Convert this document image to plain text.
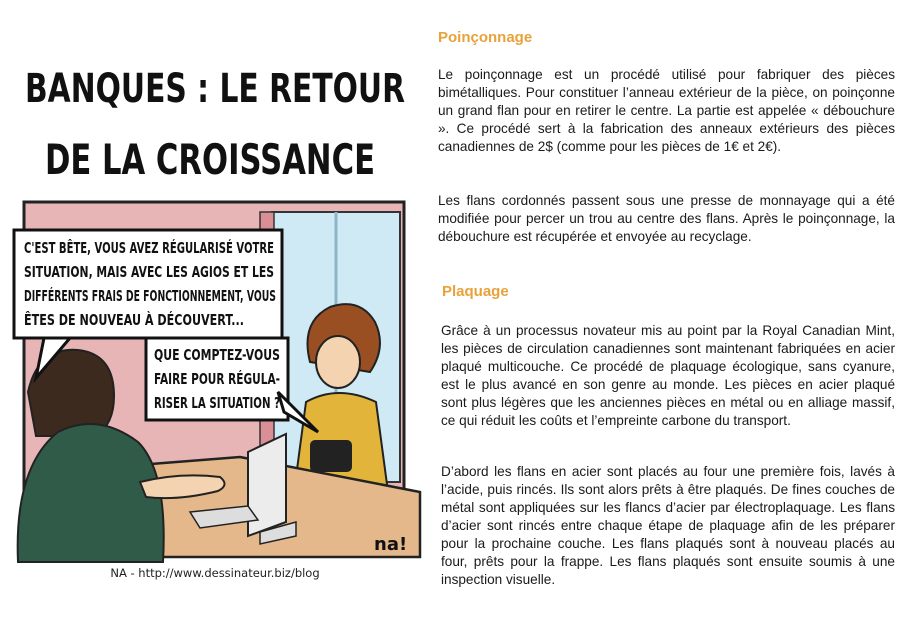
BANQUES : LE RETOUR
DE LA CROISSANCE
C'EST BÊTE, VOUS AVEZ RÉGULARISÉ VOTRE
SITUATION, MAIS AVEC LES AGIOS ET LES
DIFFÉRENTS FRAIS DE FONCTIONNEMENT, VOUS
ÊTES DE NOUVEAU À DÉCOUVERT...
QUE COMPTEZ-VOUS
FAIRE POUR RÉGULA-
RISER LA SITUATION ?
na!
NA - http://www.dessinateur.biz/blog
Poinçonnage

Le poinçonnage est un procédé utilisé pour fabriquer des pièces bimétalliques. Pour constituer l’anneau extérieur de la pièce, on poinçonne un grand flan pour en retirer le centre. La partie est appelée « débouchure ». Ce procédé sert à la fabrication des anneaux extérieurs des pièces canadiennes de 2$ (comme pour les pièces de 1€ et 2€).

Les flans cordonnés passent sous une presse de monnayage qui a été modifiée pour percer un trou au centre des flans. Après le poinçonnage, la débouchure est récupérée et envoyée au recyclage.

Plaquage

Grâce à un processus novateur mis au point par la Royal Canadian Mint, les pièces de circulation canadiennes sont maintenant fabriquées en acier plaqué multicouche. Ce procédé de plaquage écologique, sans cyanure, est le plus avancé en son genre au monde. Les pièces en acier plaqué sont plus légères que les anciennes pièces en métal ou en alliage massif, ce qui réduit les coûts et l’empreinte carbone du transport.

D’abord les flans en acier sont placés au four une première fois, lavés à l’acide, puis rincés. Ils sont alors prêts à être plaqués. De fines couches de métal sont appliquées sur les flancs d’acier par électroplaquage. Les flans d’acier sont rincés entre chaque étape de plaquage afin de les préparer pour la prochaine couche. Les flans plaqués sont à nouveau placés au four, prêts pour la frappe. Les flans plaqués sont ensuite soumis à une inspection visuelle.
